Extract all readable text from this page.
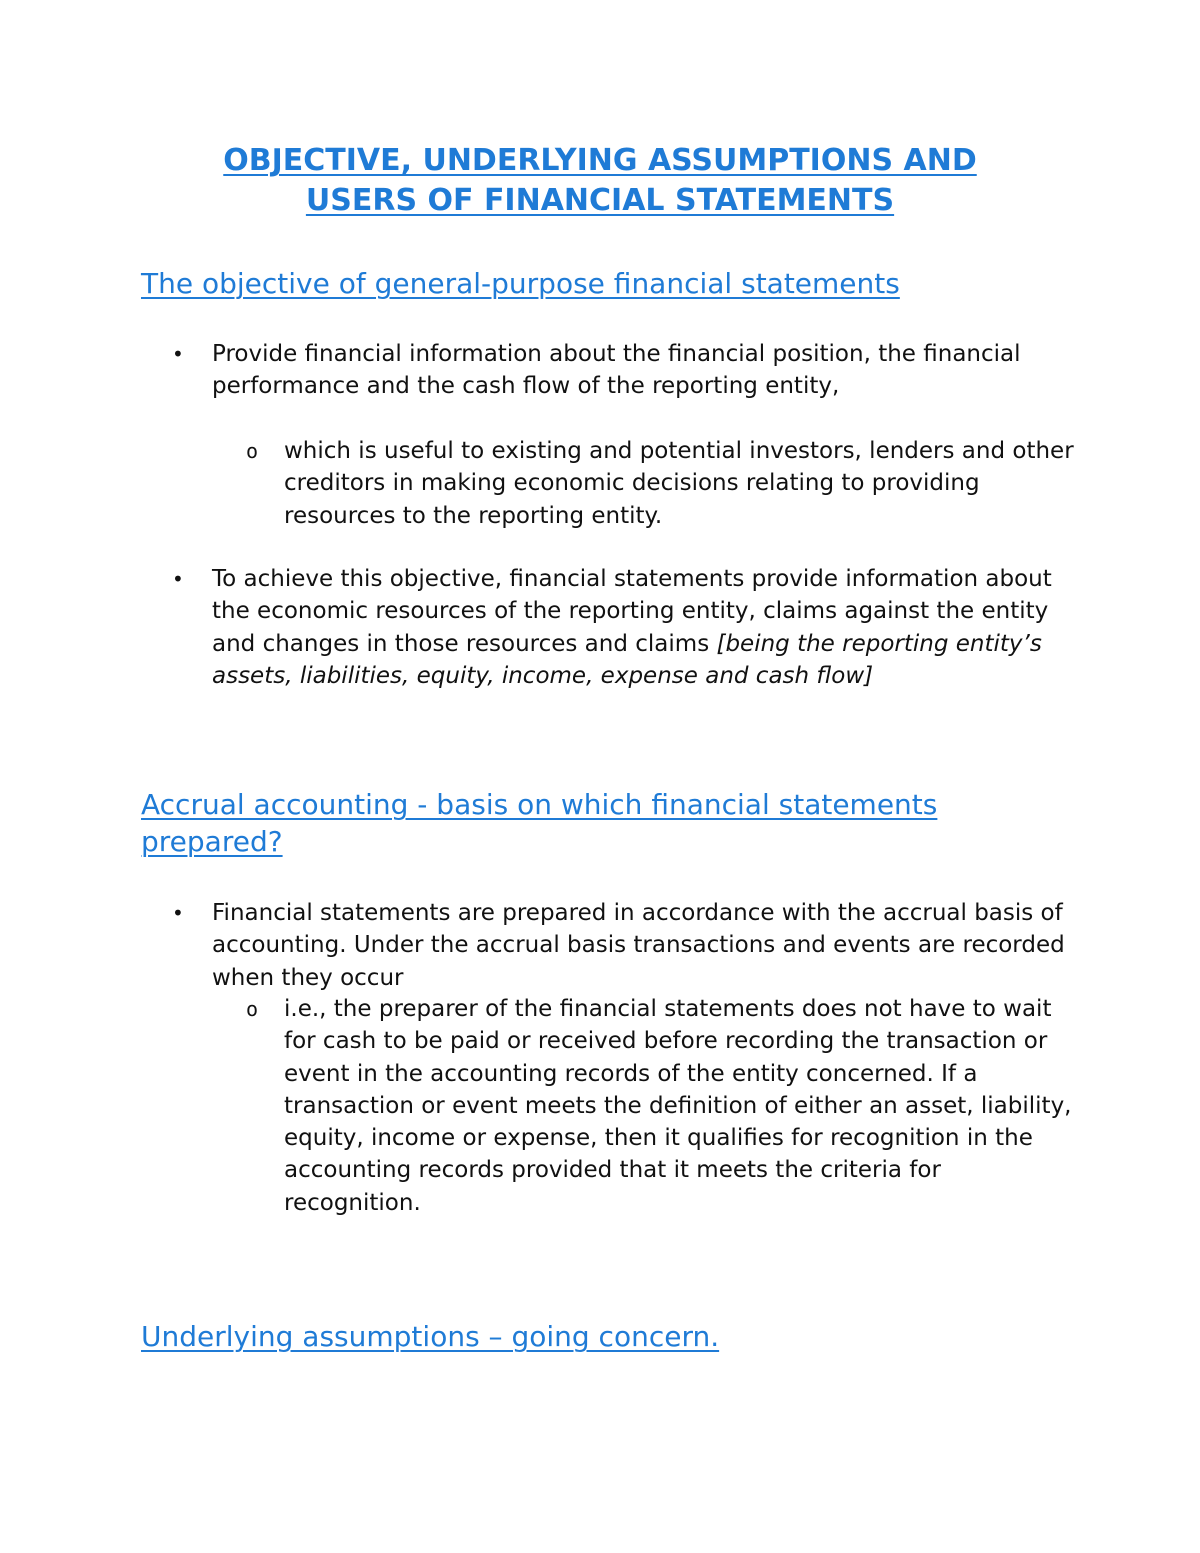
OBJECTIVE, UNDERLYING ASSUMPTIONS AND
USERS OF FINANCIAL STATEMENTS
The objective of general-purpose financial statements
• Provide financial information about the financial position, the financial performance and the cash flow of the reporting entity,

o which is useful to existing and potential investors, lenders and other creditors in making economic decisions relating to providing resources to the reporting entity.

• To achieve this objective, financial statements provide information about the economic resources of the reporting entity, claims against the entity and changes in those resources and claims [being the reporting entity’s assets, liabilities, equity, income, expense and cash flow]

Accrual accounting - basis on which financial statements
prepared?
• Financial statements are prepared in accordance with the accrual basis of accounting. Under the accrual basis transactions and events are recorded when they occur

o i.e., the preparer of the financial statements does not have to wait for cash to be paid or received before recording the transaction or event in the accounting records of the entity concerned. If a transaction or event meets the definition of either an asset, liability, equity, income or expense, then it qualifies for recognition in the accounting records provided that it meets the criteria for recognition.

Underlying assumptions – going concern.
